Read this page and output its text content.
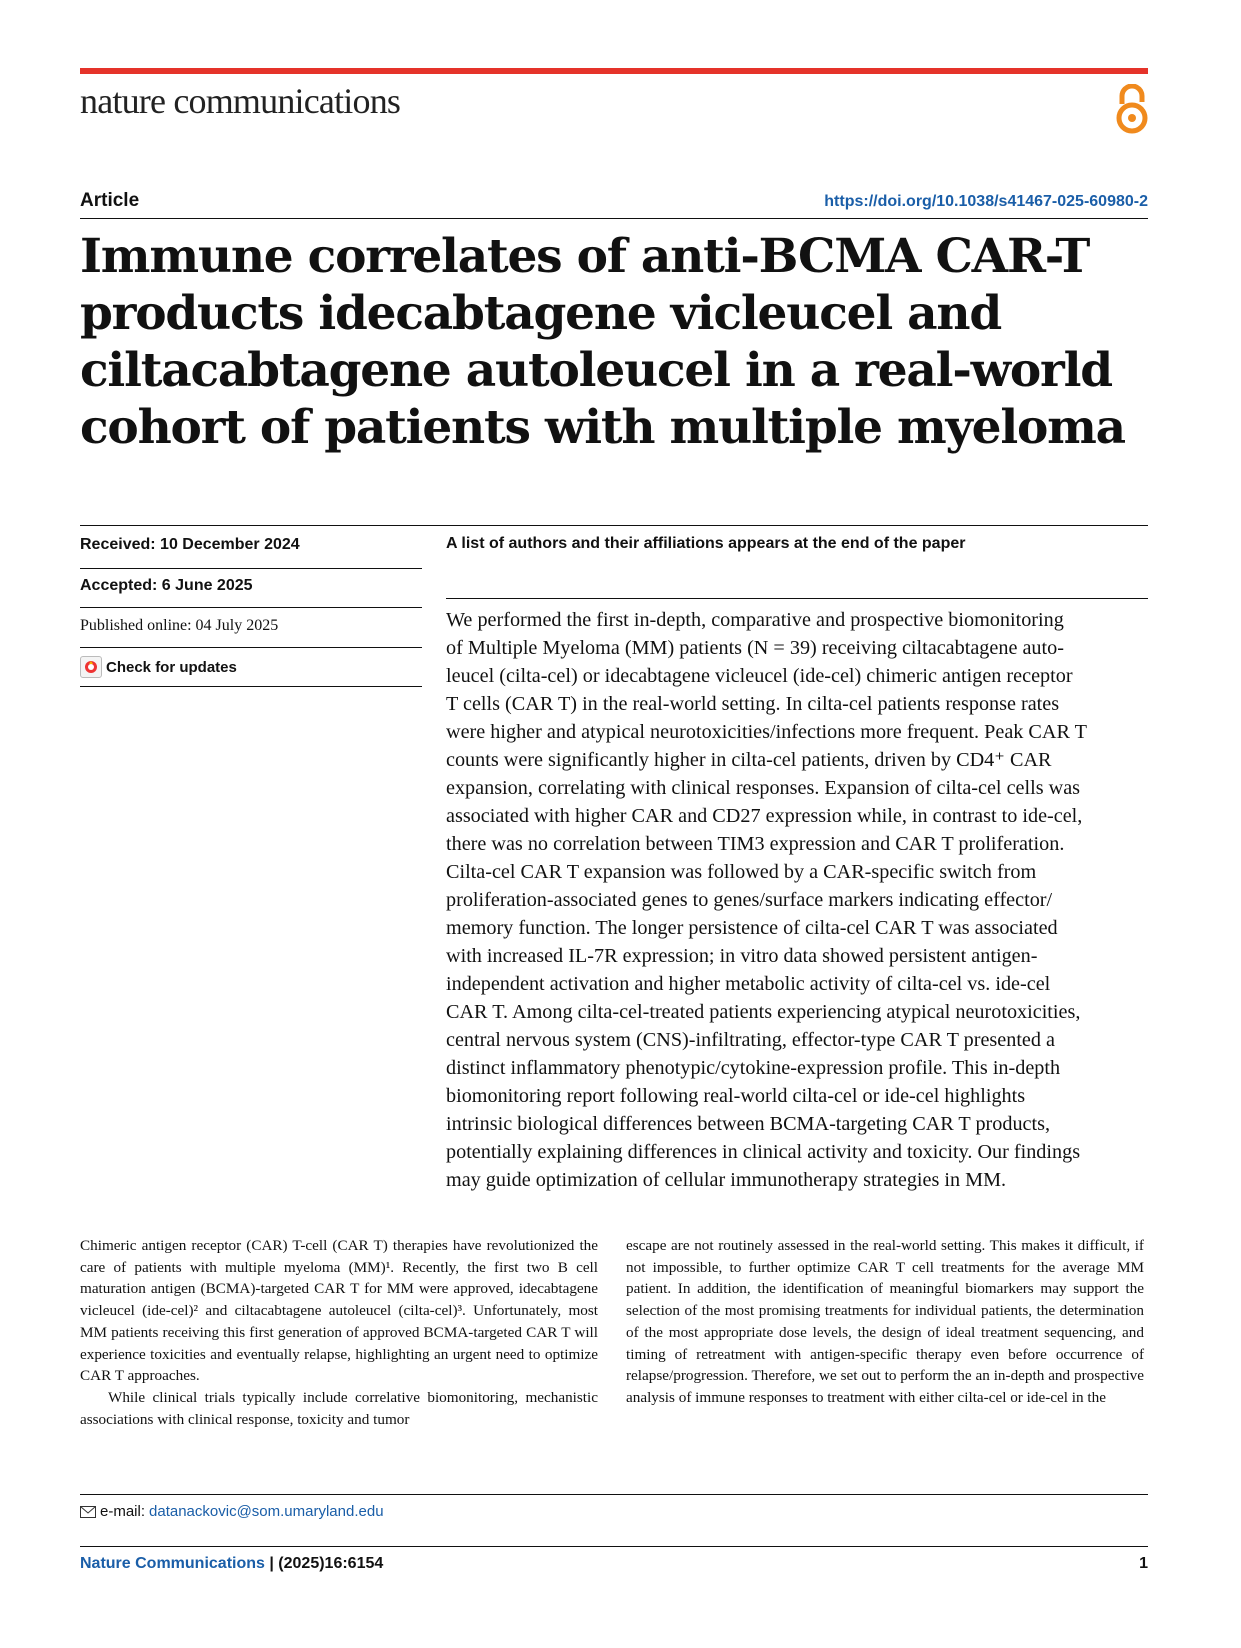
nature communications
Article	https://doi.org/10.1038/s41467-025-60980-2
Immune correlates of anti-BCMA CAR-T
products idecabtagene vicleucel and
ciltacabtagene autoleucel in a real-world
cohort of patients with multiple myeloma
Received: 10 December 2024
Accepted: 6 June 2025
Published online: 04 July 2025
Check for updates
A list of authors and their affiliations appears at the end of the paper

We performed the first in-depth, comparative and prospective biomonitoring
of Multiple Myeloma (MM) patients (N = 39) receiving ciltacabtagene auto-
leucel (cilta-cel) or idecabtagene vicleucel (ide-cel) chimeric antigen receptor
T cells (CAR T) in the real-world setting. In cilta-cel patients response rates
were higher and atypical neurotoxicities/infections more frequent. Peak CAR T
counts were significantly higher in cilta-cel patients, driven by CD4⁺ CAR
expansion, correlating with clinical responses. Expansion of cilta-cel cells was
associated with higher CAR and CD27 expression while, in contrast to ide-cel,
there was no correlation between TIM3 expression and CAR T proliferation.
Cilta-cel CAR T expansion was followed by a CAR-specific switch from
proliferation-associated genes to genes/surface markers indicating effector/
memory function. The longer persistence of cilta-cel CAR T was associated
with increased IL-7R expression; in vitro data showed persistent antigen-
independent activation and higher metabolic activity of cilta-cel vs. ide-cel
CAR T. Among cilta-cel-treated patients experiencing atypical neurotoxicities,
central nervous system (CNS)-infiltrating, effector-type CAR T presented a
distinct inflammatory phenotypic/cytokine-expression profile. This in-depth
biomonitoring report following real-world cilta-cel or ide-cel highlights
intrinsic biological differences between BCMA-targeting CAR T products,
potentially explaining differences in clinical activity and toxicity. Our findings
may guide optimization of cellular immunotherapy strategies in MM.

Chimeric antigen receptor (CAR) T-cell (CAR T) therapies have revolutionized the care of patients with multiple myeloma (MM)¹. Recently, the first two B cell maturation antigen (BCMA)-targeted CAR T for MM were approved, idecabtagene vicleucel (ide-cel)² and ciltacabtagene autoleucel (cilta-cel)³. Unfortunately, most MM patients receiving this first generation of approved BCMA-targeted CAR T will experience toxicities and eventually relapse, highlighting an urgent need to optimize CAR T approaches.

While clinical trials typically include correlative biomonitoring, mechanistic associations with clinical response, toxicity and tumor

escape are not routinely assessed in the real-world setting. This makes it difficult, if not impossible, to further optimize CAR T cell treatments for the average MM patient. In addition, the identification of meaningful biomarkers may support the selection of the most promising treatments for individual patients, the determination of the most appropriate dose levels, the design of ideal treatment sequencing, and timing of retreatment with antigen-specific therapy even before occurrence of relapse/progression. Therefore, we set out to perform the an in-depth and prospective analysis of immune responses to treatment with either cilta-cel or ide-cel in the

e-mail: datanackovic@som.umaryland.edu
Nature Communications | (2025)16:6154	1
